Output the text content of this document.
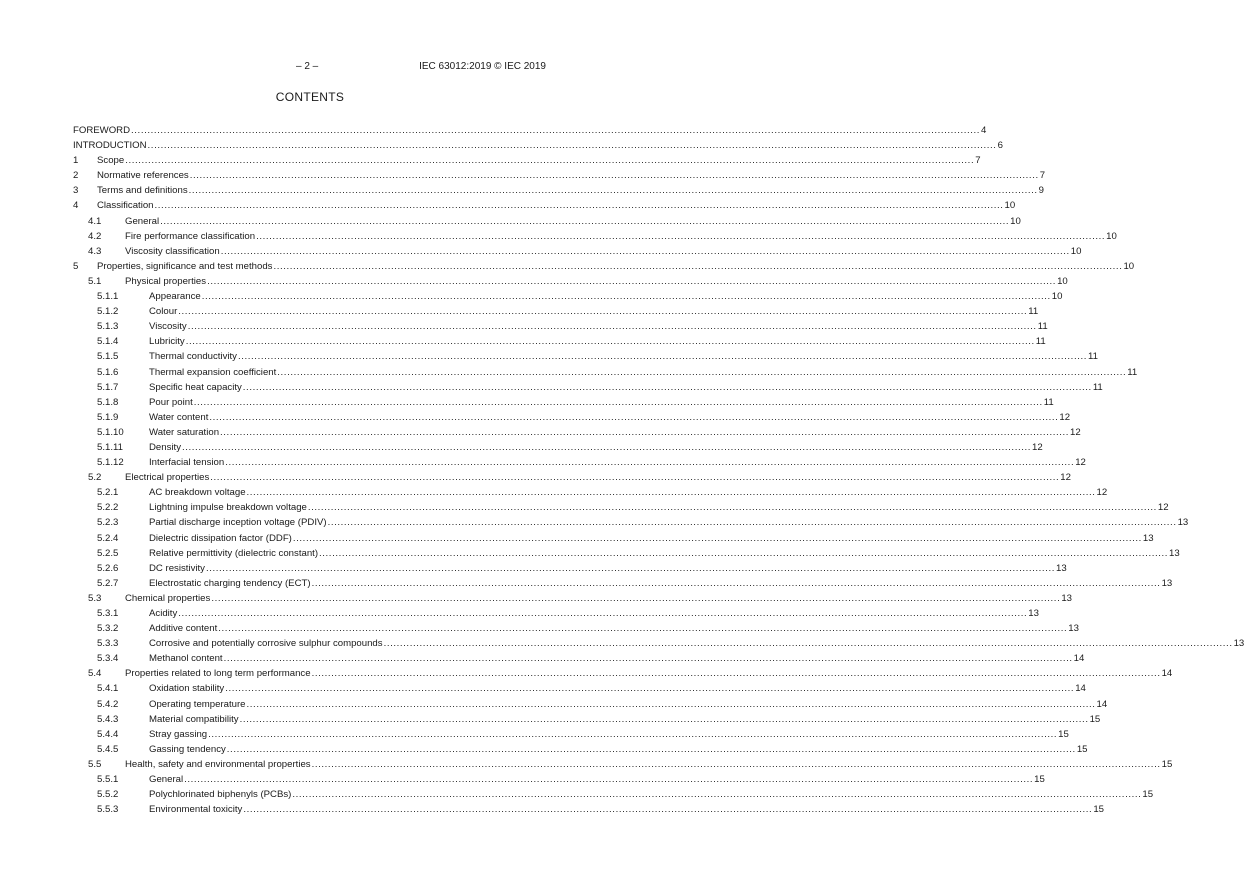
– 2 –	IEC 63012:2019 © IEC 2019
CONTENTS
FOREWORD .................................................................................................................................................................................................................................................................... 4
INTRODUCTION .................................................................................................................................................................................................................................................................... 6
1 Scope .................................................................................................................................................................................................................................................................... 7
2 Normative references .................................................................................................................................................................................................................................................................... 7
3 Terms and definitions .................................................................................................................................................................................................................................................................... 9
4 Classification .................................................................................................................................................................................................................................................................... 10
4.1 General .................................................................................................................................................................................................................................................................... 10
4.2 Fire performance classification .................................................................................................................................................................................................................................................................... 10
4.3 Viscosity classification .................................................................................................................................................................................................................................................................... 10
5 Properties, significance and test methods .................................................................................................................................................................................................................................................................... 10
5.1 Physical properties .................................................................................................................................................................................................................................................................... 10
5.1.1	Appearance .................................................................................................................................................................................................................................................................... 10
5.1.2	Colour .................................................................................................................................................................................................................................................................... 11
5.1.3	Viscosity .................................................................................................................................................................................................................................................................... 11
5.1.4	Lubricity .................................................................................................................................................................................................................................................................... 11
5.1.5	Thermal conductivity .................................................................................................................................................................................................................................................................... 11
5.1.6	Thermal expansion coefficient .................................................................................................................................................................................................................................................................... 11
5.1.7	Specific heat capacity .................................................................................................................................................................................................................................................................... 11
5.1.8	Pour point .................................................................................................................................................................................................................................................................... 11
5.1.9	Water content .................................................................................................................................................................................................................................................................... 12
5.1.10	Water saturation .................................................................................................................................................................................................................................................................... 12
5.1.11	Density .................................................................................................................................................................................................................................................................... 12
5.1.12	Interfacial tension .................................................................................................................................................................................................................................................................... 12
5.2 Electrical properties .................................................................................................................................................................................................................................................................... 12
5.2.1	AC breakdown voltage .................................................................................................................................................................................................................................................................... 12
5.2.2	Lightning impulse breakdown voltage .................................................................................................................................................................................................................................................................... 12
5.2.3	Partial discharge inception voltage (PDIV) .................................................................................................................................................................................................................................................................... 13
5.2.4	Dielectric dissipation factor (DDF) .................................................................................................................................................................................................................................................................... 13
5.2.5	Relative permittivity (dielectric constant) .................................................................................................................................................................................................................................................................... 13
5.2.6	DC resistivity .................................................................................................................................................................................................................................................................... 13
5.2.7	Electrostatic charging tendency (ECT) .................................................................................................................................................................................................................................................................... 13
5.3 Chemical properties .................................................................................................................................................................................................................................................................... 13
5.3.1	Acidity .................................................................................................................................................................................................................................................................... 13
5.3.2	Additive content .................................................................................................................................................................................................................................................................... 13
5.3.3	Corrosive and potentially corrosive sulphur compounds .................................................................................................................................................................................................................................................................... 13
5.3.4	Methanol content .................................................................................................................................................................................................................................................................... 14
5.4 Properties related to long term performance .................................................................................................................................................................................................................................................................... 14
5.4.1	Oxidation stability .................................................................................................................................................................................................................................................................... 14
5.4.2	Operating temperature .................................................................................................................................................................................................................................................................... 14
5.4.3	Material compatibility .................................................................................................................................................................................................................................................................... 15
5.4.4	Stray gassing .................................................................................................................................................................................................................................................................... 15
5.4.5	Gassing tendency .................................................................................................................................................................................................................................................................... 15
5.5 Health, safety and environmental properties .................................................................................................................................................................................................................................................................... 15
5.5.1	General .................................................................................................................................................................................................................................................................... 15
5.5.2	Polychlorinated biphenyls (PCBs) .................................................................................................................................................................................................................................................................... 15
5.5.3	Environmental toxicity .................................................................................................................................................................................................................................................................... 15
